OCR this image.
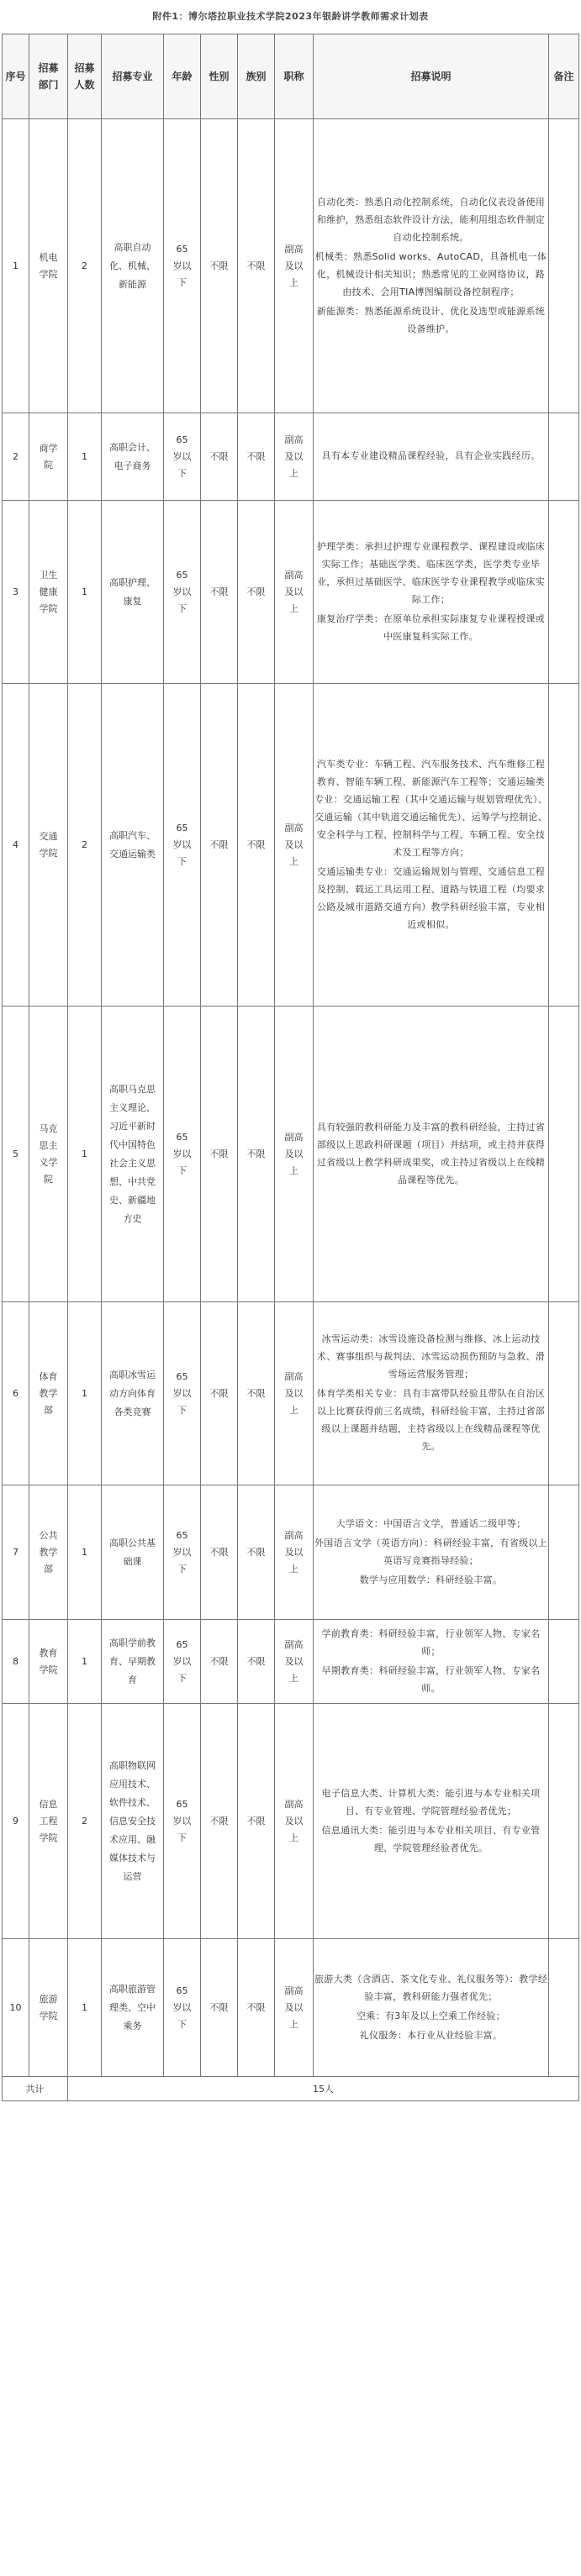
附件1：博尔塔拉职业技术学院2023年银龄讲学教师需求计划表
序号	招募部门	招募人数	招募专业	年龄	性别	族别	职称	招募说明	备注

1	机电学院	2	高职自动化、机械、新能源	65岁以下	不限	不限	副高及以上	自动化类：熟悉自动化控制系统，自动化仪表设备使用和维护，熟悉组态软件设计方法，能利用组态软件制定自动化控制系统。

机械类：熟悉Solid works、AutoCAD，具备机电一体化，机械设计相关知识；熟悉常见的工业网络协议，路由技术、会用TIA博图编制设备控制程序；

新能源类：熟悉能源系统设计、优化及选型或能源系统设备维护。	

2	商学院	1	高职会计、电子商务	65岁以下	不限	不限	副高及以上	具有本专业建设精品课程经验，具有企业实践经历。	

3	卫生健康学院	1	高职护理、康复	65岁以下	不限	不限	副高及以上	护理学类：承担过护理专业课程教学、课程建设或临床实际工作；基础医学类、临床医学类，医学类专业毕业，承担过基础医学、临床医学专业课程教学或临床实际工作；

康复治疗学类：在原单位承担实际康复专业课程授课或中医康复科实际工作。	

4	交通学院	2	高职汽车、交通运输类	65岁以下	不限	不限	副高及以上	汽车类专业：车辆工程、汽车服务技术、汽车维修工程教育、智能车辆工程、新能源汽车工程等；交通运输类专业：交通运输工程（其中交通运输与规划管理优先）、交通运输（其中轨道交通运输优先）、运筹学与控制论、安全科学与工程、控制科学与工程、车辆工程、安全技术及工程等方向；

交通运输类专业：交通运输规划与管理、交通信息工程及控制、载运工具运用工程、道路与铁道工程（均要求公路及城市道路交通方向）教学科研经验丰富，专业相近或相似。	

5	马克思主义学院	1	高职马克思主义理论、习近平新时代中国特色社会主义思想、中共党史、新疆地方史	65岁以下	不限	不限	副高及以上	具有较强的教科研能力及丰富的教科研经验，主持过省部级以上思政科研课题（项目）并结项，或主持并获得过省级以上教学科研成果奖，或主持过省级以上在线精品课程等优先。	

6	体育教学部	1	高职冰雪运动方向体育各类竞赛	65岁以下	不限	不限	副高及以上	冰雪运动类：冰雪设施设备检测与维修、冰上运动技术、赛事组织与裁判法、冰雪运动损伤预防与急救、滑雪场运营服务管理；

体育学类相关专业：具有丰富带队经验且带队在自治区以上比赛获得前三名成绩，科研经验丰富，主持过省部级以上课题并结题，主持省级以上在线精品课程等优先。	

7	公共教学部	1	高职公共基础课	65岁以下	不限	不限	副高及以上	大学语文：中国语言文学，普通话二级甲等；

外国语言文学（英语方向）：科研经验丰富，有省级以上英语写竞赛指导经验；

数学与应用数学：科研经验丰富。	

8	教育学院	1	高职学前教育、早期教育	65岁以下	不限	不限	副高及以上	学前教育类：科研经验丰富，行业领军人物、专家名师；

早期教育类：科研经验丰富，行业领军人物、专家名师。	

9	信息工程学院	2	高职物联网应用技术、软件技术、信息安全技术应用、融媒体技术与运营	65岁以下	不限	不限	副高及以上	电子信息大类、计算机大类：能引进与本专业相关项目、有专业管理、学院管理经验者优先；

信息通讯大类：能引进与本专业相关项目、有专业管理、学院管理经验者优先。	

10	旅游学院	1	高职旅游管理类、空中乘务	65岁以下	不限	不限	副高及以上	旅游大类（含酒店、茶文化专业、礼仪服务等）：教学经验丰富，教科研能力强者优先；

空乘：有3年及以上空乘工作经验；

礼仪服务：本行业从业经验丰富。	

共计		15人							
